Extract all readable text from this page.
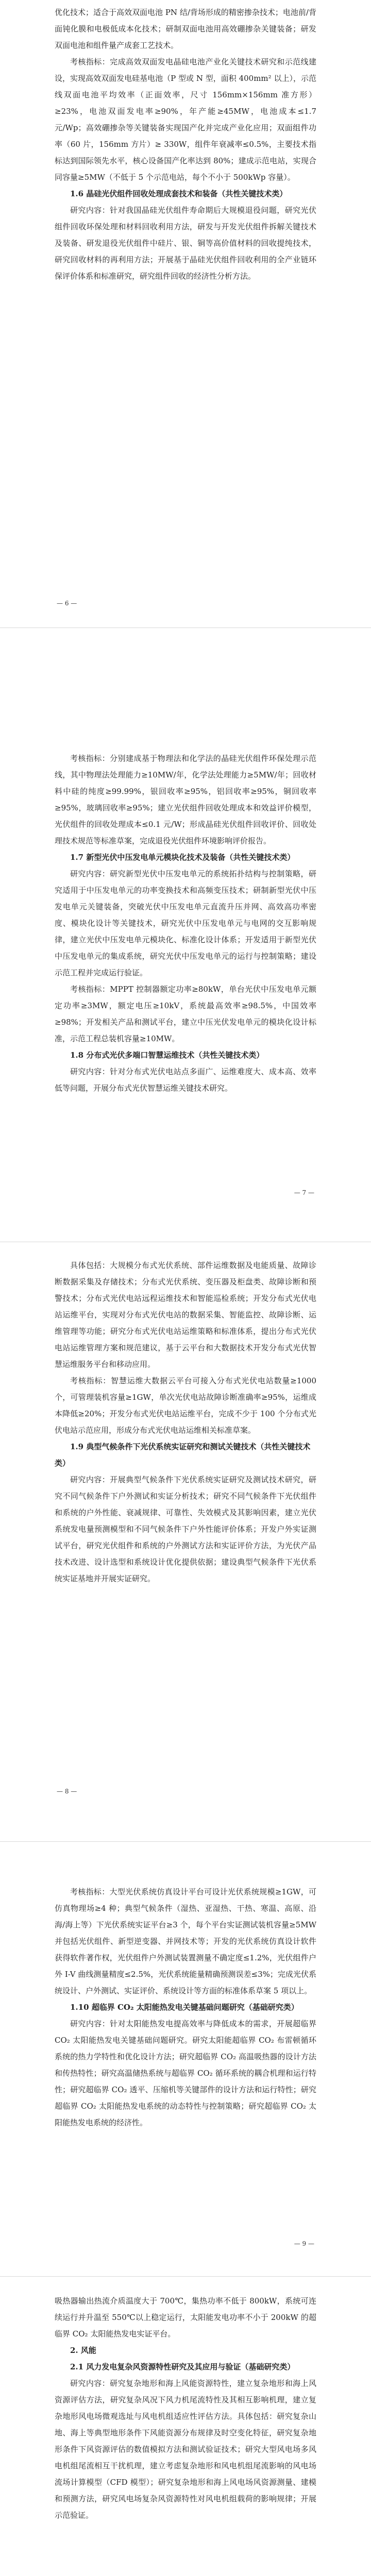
优化技术；适合于高效双面电池 PN 结/背场形成的精密掺杂技术；电池前/背面钝化膜和电极低成本化技术；研制双面电池用高效硼掺杂关键装备；研发双面电池和组件量产成套工艺技术。

考核指标：完成高效双面发电晶硅电池产业化关键技术研究和示范线建设，实现高效双面发电硅基电池（P 型或 N 型，面积 400mm² 以上），示范线双面电池平均效率（正面效率，尺寸 156mm×156mm 准方形）≥23%，电池双面发电率≥90%，年产能≥45MW，电池成本≤1.7 元/Wp；高效硼掺杂等关键装备实现国产化并完成产业化应用；双面组件功率（60 片，156mm 方片）≥ 330W，组件年衰减率≤0.5%，主要技术指标达到国际领先水平，核心设备国产化率达到 80%；建成示范电站，实现合同容量≥5MW（不低于 5 个示范电站，每个不小于 500kWp 容量）。

1.6 晶硅光伏组件回收处理成套技术和装备（共性关键技术类）

研究内容：针对我国晶硅光伏组件寿命期后大规模退役问题，研究光伏组件回收环保处理和材料回收利用方法，研发与开发光伏组件拆解关键技术及装备、研发退役光伏组件中硅片、银、铜等高价值材料的回收提纯技术，研究回收材料的再利用方法；开展基于晶硅光伏组件回收利用的全产业链环保评价体系和标准研究，研究组件回收的经济性分析方法。

— 6 —

考核指标：分别建成基于物理法和化学法的晶硅光伏组件环保处理示范线，其中物理法处理能力≥10MW/年，化学法处理能力≥5MW/年；回收材料中硅的纯度≥99.99%，银回收率≥95%，铝回收率≥95%，铜回收率≥95%，玻璃回收率≥95%；建立光伏组件回收处理成本和效益评价模型，光伏组件的回收处理成本≤0.1 元/W；形成晶硅光伏组件回收评价、回收处理技术规范等标准草案，完成退役光伏组件环境影响评价报告。

1.7 新型光伏中压发电单元模块化技术及装备（共性关键技术类）

研究内容：研究新型光伏中压发电单元的系统拓扑结构与控制策略，研究适用于中压发电单元的功率变换技术和高频变压技术；研制新型光伏中压发电单元关键装备，突破光伏中压发电单元直流升压并网、高效高功率密度、模块化设计等关键技术，研究光伏中压发电单元与电网的交互影响规律，建立光伏中压发电单元模块化、标准化设计体系；开发适用于新型光伏中压发电单元的集成系统，研究光伏中压发电单元的运行与控制策略；建设示范工程并完成运行验证。

考核指标：MPPT 控制器额定功率≥80kW，单台光伏中压发电单元额定功率≥3MW，额定电压≥10kV，系统最高效率≥98.5%，中国效率≥98%；开发相关产品和测试平台，建立中压光伏发电单元的模块化设计标准，示范工程总装机容量≥10MW。

1.8 分布式光伏多端口智慧运维技术（共性关键技术类）

研究内容：针对分布式光伏电站点多面广、运维难度大、成本高、效率低等问题，开展分布式光伏智慧运维关键技术研究。

— 7 —

具体包括：大规模分布式光伏系统、部件运维数据及电能质量、故障诊断数据采集及存储技术；分布式光伏系统、变压器及柜盘类、故障诊断和预警技术；分布式光伏电站远程运维技术和智能巡检系统；开发分布式光伏电站运维平台，实现对分布式光伏电站的数据采集、智能监控、故障诊断、运维管理等功能；研究分布式光伏电站运维策略和标准体系，提出分布式光伏电站运维管理方案和规范建议，基于云平台和大数据技术开发分布式光伏智慧运维服务平台和移动应用。

考核指标：智慧运维大数据云平台可接入分布式光伏电站数量≥1000 个，可管理装机容量≥1GW，单次光伏电站故障诊断准确率≥95%，运维成本降低≥20%；开发分布式光伏电站运维平台，完成不少于 100 个分布式光伏电站示范应用，形成分布式光伏电站运维相关标准草案。

1.9 典型气候条件下光伏系统实证研究和测试关键技术（共性关键技术类）

研究内容：开展典型气候条件下光伏系统实证研究及测试技术研究，研究不同气候条件下户外测试和实证分析技术；研究不同气候条件下光伏组件和系统的户外性能、衰减规律、可靠性、失效模式及其影响因素，建立光伏系统发电量预测模型和不同气候条件下户外性能评价体系；开发户外实证测试平台，研究光伏组件和系统的户外测试方法和实证评价方法，为光伏产品技术改进、设计选型和系统设计优化提供依据；建设典型气候条件下光伏系统实证基地并开展实证研究。

— 8 —

考核指标：大型光伏系统仿真设计平台可设计光伏系统规模≥1GW，可仿真物理场≥4 种；典型气候条件（湿热、亚湿热、干热、寒温、高原、沿海/海上等）下光伏系统实证平台≥3 个，每个平台实证测试装机容量≥5MW 并包括光伏组件、新型逆变器、并网技术等；开发的光伏系统仿真设计软件获得软件著作权，光伏组件户外测试装置测量不确定度≤1.2%，光伏组件户外 I-V 曲线测量精度≤2.5%，光伏系统能量精确预测误差≤3%；完成光伏系统设计、户外测试、实证评价、系统设计等方面的标准体系草案 5 项以上。

1.10 超临界 CO₂ 太阳能热发电关键基础问题研究（基础研究类）

研究内容：针对太阳能热发电提高效率与降低成本的需求，开展超临界 CO₂ 太阳能热发电关键基础问题研究。研究太阳能超临界 CO₂ 布雷顿循环系统的热力学特性和优化设计方法；研究超临界 CO₂ 高温吸热器的设计方法和传热特性；研究高温储热系统与超临界 CO₂ 循环系统的耦合机理和运行特性；研究超临界 CO₂ 透平、压缩机等关键部件的设计方法和运行特性；研究超临界 CO₂ 太阳能热发电系统的动态特性与控制策略；研究超临界 CO₂ 太阳能热发电系统的经济性。

— 9 —

吸热器输出热流介质温度大于 700℃，集热功率不低于 800kW，系统可连续运行并升温至 550℃以上稳定运行，太阳能发电功率不小于 200kW 的超临界 CO₂ 太阳能热发电实证平台。

2. 风能

2.1 风力发电复杂风资源特性研究及其应用与验证（基础研究类）

研究内容：研究复杂地形和海上风能资源特性，建立复杂地形和海上风资源评估方法，研究复杂风况下风力机尾流特性及其相互影响机理，建立复杂地形风电场微观选址与风电机组适应性评估方法。具体包括：研究复杂山地、海上等典型地形条件下风能资源分布规律及时空变化特征，研究复杂地形条件下风资源评估的数值模拟方法和测试验证技术；研究大型风电场多风电机组尾流相互干扰机理，建立考虑复杂地形和风电机组尾流影响的风电场流场计算模型（CFD 模型）；研究复杂地形和海上风电场风资源测量、建模和预测方法，研究风电场复杂风资源特性对风电机组载荷的影响规律；开展示范验证。
